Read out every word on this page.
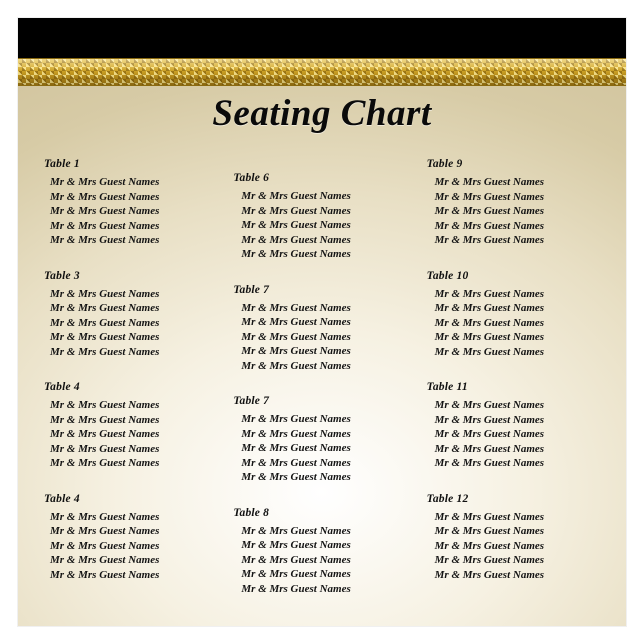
Seating Chart
Table 1
Mr & Mrs Guest Names
Mr & Mrs Guest Names
Mr & Mrs Guest Names
Mr & Mrs Guest Names
Mr & Mrs Guest Names
Table 3
Mr & Mrs Guest Names
Mr & Mrs Guest Names
Mr & Mrs Guest Names
Mr & Mrs Guest Names
Mr & Mrs Guest Names
Table 4
Mr & Mrs Guest Names
Mr & Mrs Guest Names
Mr & Mrs Guest Names
Mr & Mrs Guest Names
Mr & Mrs Guest Names
Table 4
Mr & Mrs Guest Names
Mr & Mrs Guest Names
Mr & Mrs Guest Names
Mr & Mrs Guest Names
Mr & Mrs Guest Names
Table 6
Mr & Mrs Guest Names
Mr & Mrs Guest Names
Mr & Mrs Guest Names
Mr & Mrs Guest Names
Mr & Mrs Guest Names
Table 7
Mr & Mrs Guest Names
Mr & Mrs Guest Names
Mr & Mrs Guest Names
Mr & Mrs Guest Names
Mr & Mrs Guest Names
Table 7
Mr & Mrs Guest Names
Mr & Mrs Guest Names
Mr & Mrs Guest Names
Mr & Mrs Guest Names
Mr & Mrs Guest Names
Table 8
Mr & Mrs Guest Names
Mr & Mrs Guest Names
Mr & Mrs Guest Names
Mr & Mrs Guest Names
Mr & Mrs Guest Names
Table 9
Mr & Mrs Guest Names
Mr & Mrs Guest Names
Mr & Mrs Guest Names
Mr & Mrs Guest Names
Mr & Mrs Guest Names
Table 10
Mr & Mrs Guest Names
Mr & Mrs Guest Names
Mr & Mrs Guest Names
Mr & Mrs Guest Names
Mr & Mrs Guest Names
Table 11
Mr & Mrs Guest Names
Mr & Mrs Guest Names
Mr & Mrs Guest Names
Mr & Mrs Guest Names
Mr & Mrs Guest Names
Table 12
Mr & Mrs Guest Names
Mr & Mrs Guest Names
Mr & Mrs Guest Names
Mr & Mrs Guest Names
Mr & Mrs Guest Names
